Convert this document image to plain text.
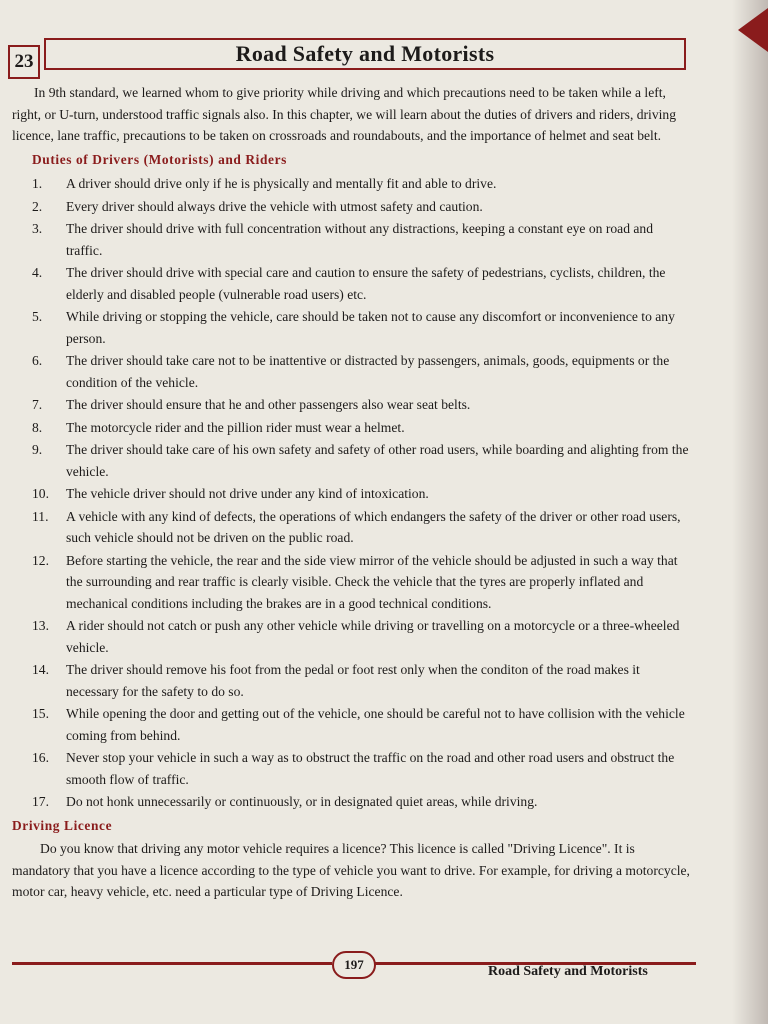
23	Road Safety and Motorists

In 9th standard, we learned whom to give priority while driving and which precautions need to be taken while a left, right, or U-turn, understood traffic signals also. In this chapter, we will learn about the duties of drivers and riders, driving licence, lane traffic, precautions to be taken on crossroads and roundabouts, and the importance of helmet and seat belt.

Duties of Drivers (Motorists) and Riders
1.	A driver should drive only if he is physically and mentally fit and able to drive.
2.	Every driver should always drive the vehicle with utmost safety and caution.
3.	The driver should drive with full concentration without any distractions, keeping a constant eye on road and traffic.
4.	The driver should drive with special care and caution to ensure the safety of pedestrians, cyclists, children, the elderly and disabled people (vulnerable road users) etc.
5.	While driving or stopping the vehicle, care should be taken not to cause any discomfort or inconvenience to any person.
6.	The driver should take care not to be inattentive or distracted by passengers, animals, goods, equipments or the condition of the vehicle.
7.	The driver should ensure that he and other passengers also wear seat belts.
8.	The motorcycle rider and the pillion rider must wear a helmet.
9.	The driver should take care of his own safety and safety of other road users, while boarding and alighting from the vehicle.
10.	The vehicle driver should not drive under any kind of intoxication.
11.	A vehicle with any kind of defects, the operations of which endangers the safety of the driver or other road users, such vehicle should not be driven on the public road.
12.	Before starting the vehicle, the rear and the side view mirror of the vehicle should be adjusted in such a way that the surrounding and rear traffic is clearly visible. Check the vehicle that the tyres are properly inflated and mechanical conditions including the brakes are in a good technical conditions.
13.	A rider should not catch or push any other vehicle while driving or travelling on a motorcycle or a three-wheeled vehicle.
14.	The driver should remove his foot from the pedal or foot rest only when the conditon of the road makes it necessary for the safety to do so.
15.	While opening the door and getting out of the vehicle, one should be careful not to have collision with the vehicle coming from behind.
16.	Never stop your vehicle in such a way as to obstruct the traffic on the road and other road users and obstruct the smooth flow of traffic.
17.	Do not honk unnecessarily or continuously, or in designated quiet areas, while driving.
Driving Licence

Do you know that driving any motor vehicle requires a licence? This licence is called "Driving Licence". It is mandatory that you have a licence according to the type of vehicle you want to drive. For example, for driving a motorcycle, motor car, heavy vehicle, etc. need a particular type of Driving Licence.

197	Road Safety and Motorists
